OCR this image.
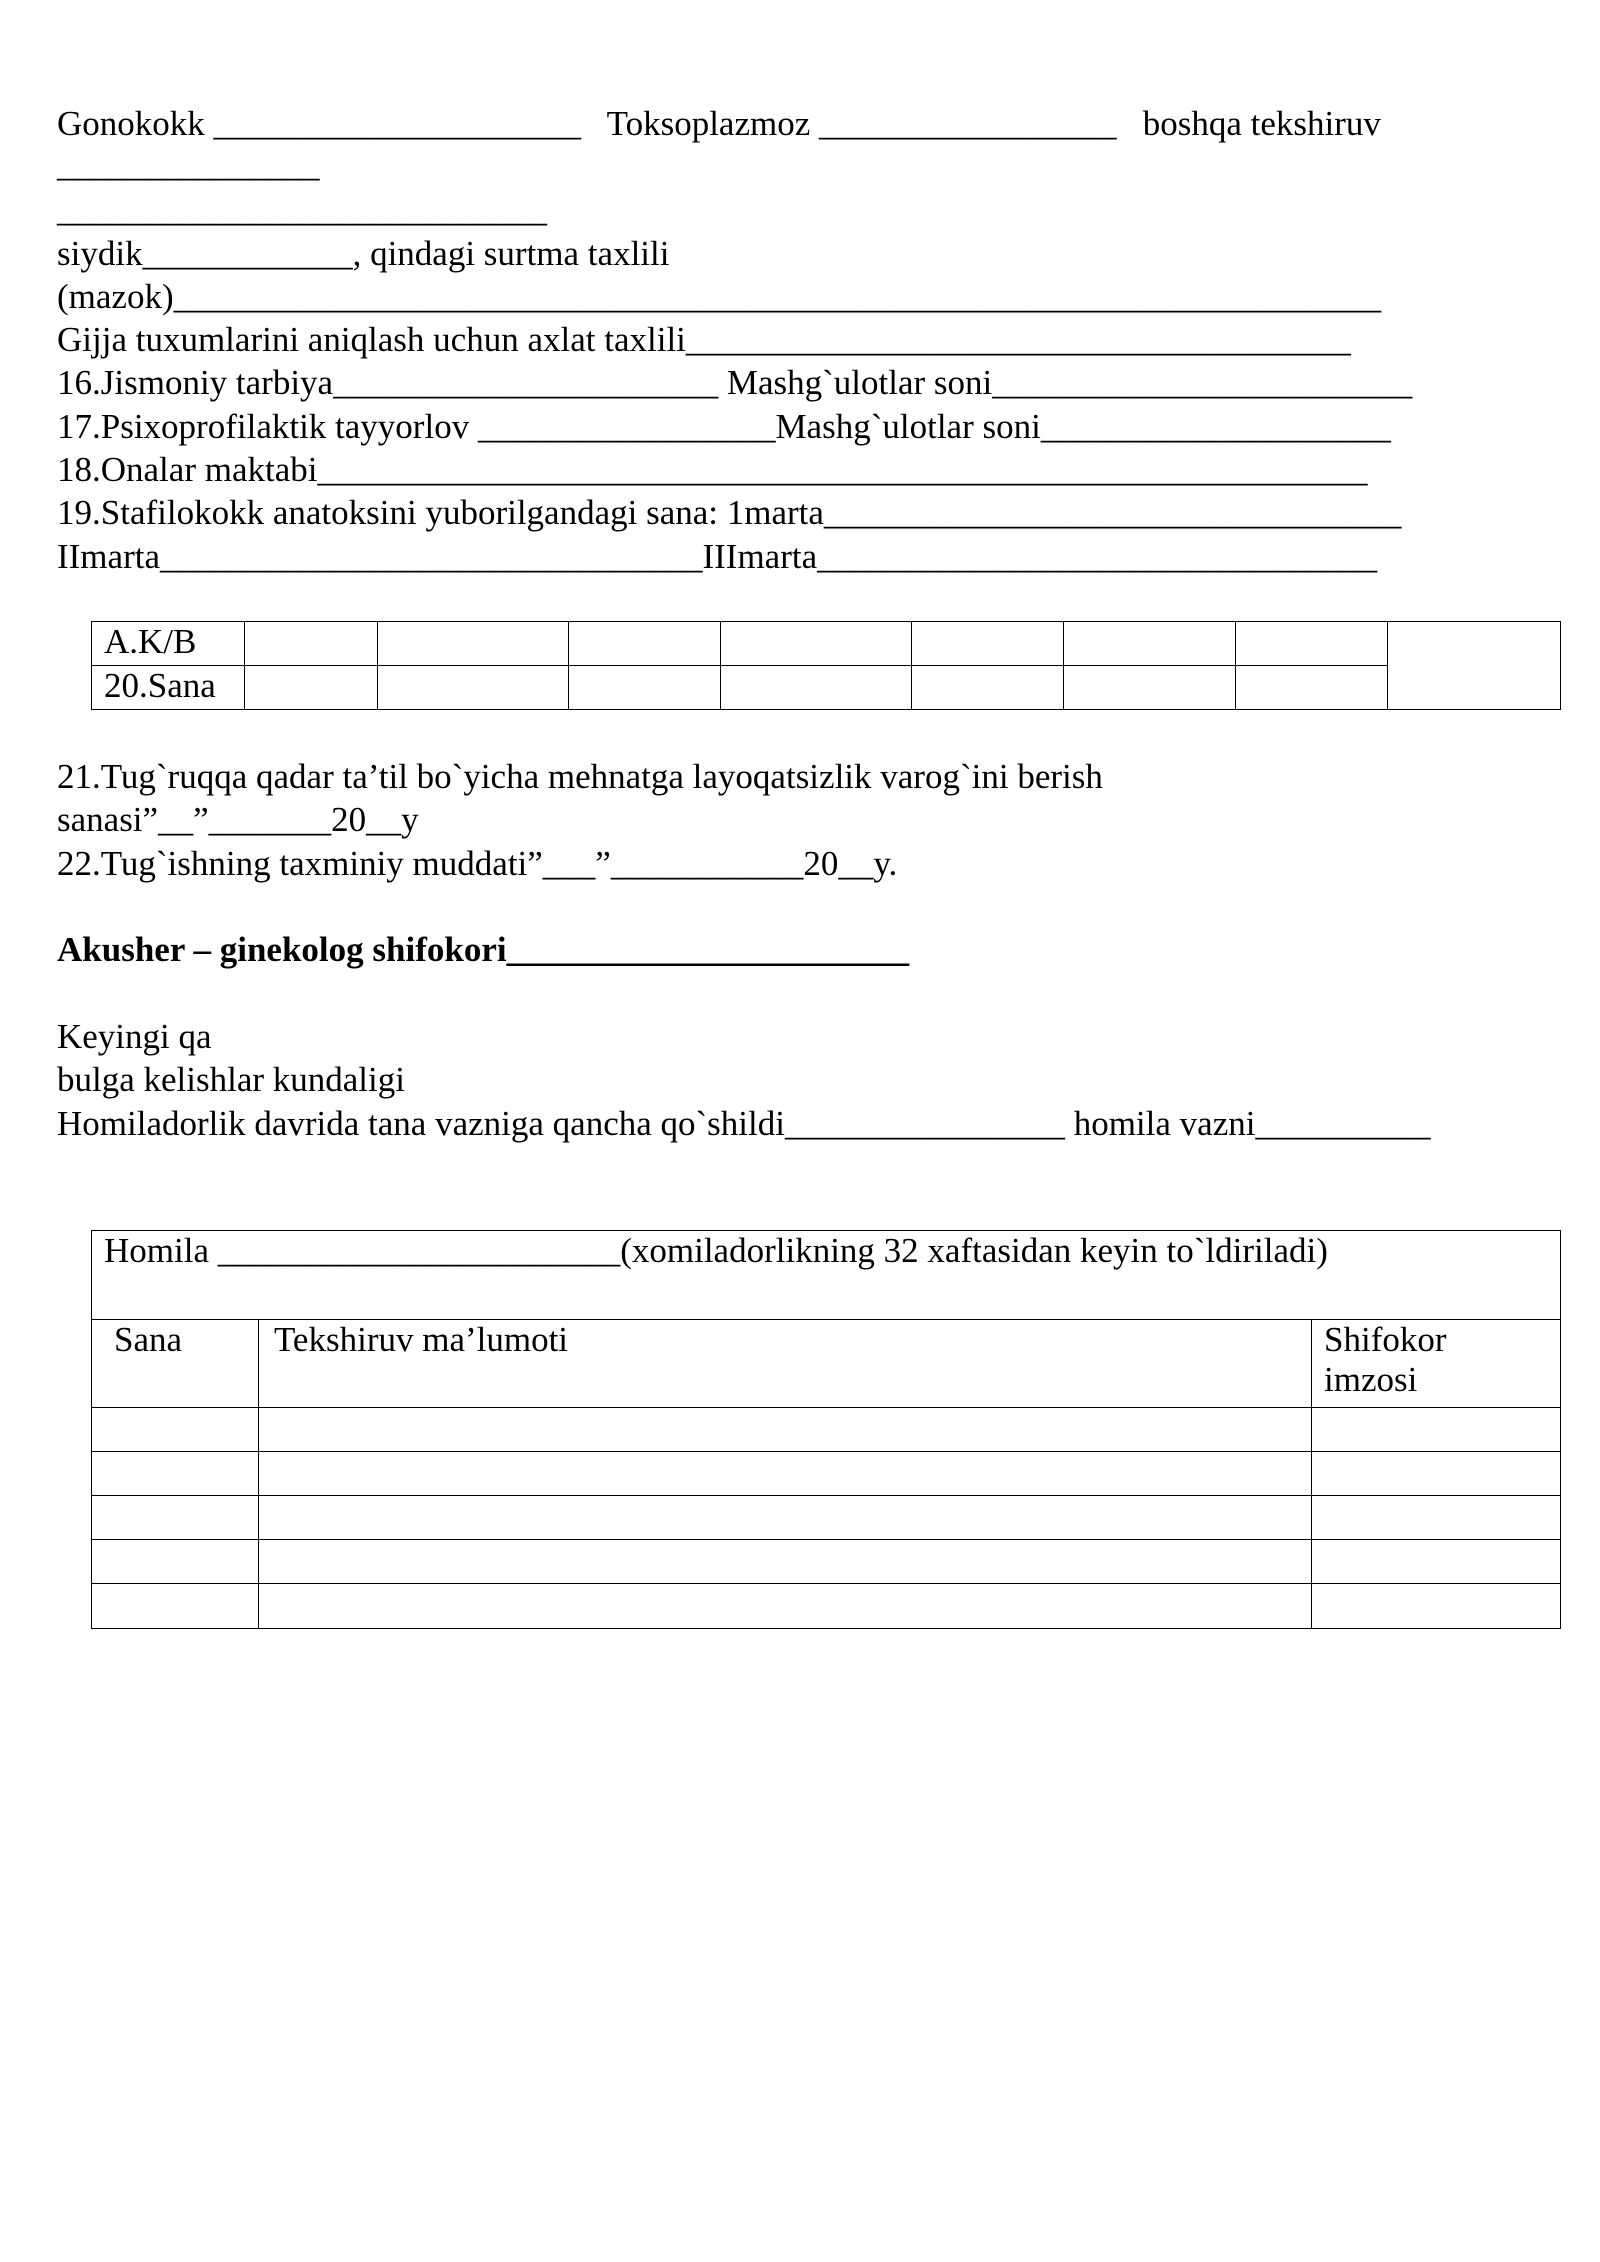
Gonokokk _____________________   Toksoplazmoz _________________   boshqa tekshiruv
_______________
____________________________
siydik____________, qindagi surtma taxlili
(mazok)_____________________________________________________________________
Gijja tuxumlarini aniqlash uchun axlat taxlili______________________________________
16.Jismoniy tarbiya______________________ Mashg`ulotlar soni________________________
17.Psixoprofilaktik tayyorlov _________________Mashg`ulotlar soni____________________
18.Onalar maktabi____________________________________________________________
19.Stafilokokk anatoksini yuborilgandagi sana: 1marta_________________________________
IImarta_______________________________IIImarta________________________________
A.K/B								
20.Sana								
21.Tug`ruqqa qadar ta’til bo`yicha mehnatga layoqatsizlik varog`ini berish
sanasi”__”_______20__y
22.Tug`ishning taxminiy muddati”___”___________20__y.
Akusher – ginekolog shifokori_______________________
Keyingi qa
bulga kelishlar kundaligi
Homiladorlik davrida tana vazniga qancha qo`shildi________________ homila vazni__________
Homila _______________________(xomiladorlikning 32 xaftasidan keyin to`ldiriladi)		
Sana	Tekshiruv ma’lumoti	Shifokor imzosi
